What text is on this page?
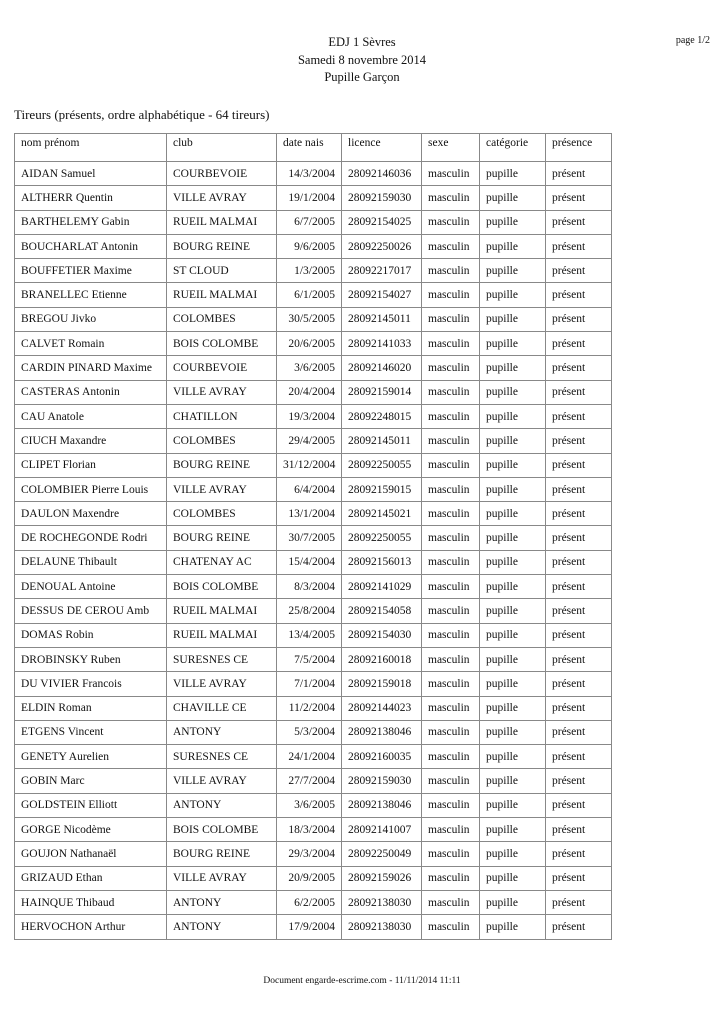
EDJ 1 Sèvres
Samedi 8 novembre 2014
Pupille Garçon
page 1/2
Tireurs (présents, ordre alphabétique - 64 tireurs)
nom prénom	club	date nais	licence	sexe	catégorie	présence
AIDAN Samuel	COURBEVOIE	14/3/2004	28092146036	masculin	pupille	présent
ALTHERR Quentin	VILLE AVRAY	19/1/2004	28092159030	masculin	pupille	présent
BARTHELEMY Gabin	RUEIL MALMAI	6/7/2005	28092154025	masculin	pupille	présent
BOUCHARLAT Antonin	BOURG REINE	9/6/2005	28092250026	masculin	pupille	présent
BOUFFETIER Maxime	ST CLOUD	1/3/2005	28092217017	masculin	pupille	présent
BRANELLEC Etienne	RUEIL MALMAI	6/1/2005	28092154027	masculin	pupille	présent
BREGOU Jivko	COLOMBES	30/5/2005	28092145011	masculin	pupille	présent
CALVET Romain	BOIS COLOMBE	20/6/2005	28092141033	masculin	pupille	présent
CARDIN PINARD Maxime	COURBEVOIE	3/6/2005	28092146020	masculin	pupille	présent
CASTERAS Antonin	VILLE AVRAY	20/4/2004	28092159014	masculin	pupille	présent
CAU Anatole	CHATILLON	19/3/2004	28092248015	masculin	pupille	présent
CIUCH Maxandre	COLOMBES	29/4/2005	28092145011	masculin	pupille	présent
CLIPET Florian	BOURG REINE	31/12/2004	28092250055	masculin	pupille	présent
COLOMBIER Pierre Louis	VILLE AVRAY	6/4/2004	28092159015	masculin	pupille	présent
DAULON Maxendre	COLOMBES	13/1/2004	28092145021	masculin	pupille	présent
DE ROCHEGONDE Rodri	BOURG REINE	30/7/2005	28092250055	masculin	pupille	présent
DELAUNE Thibault	CHATENAY AC	15/4/2004	28092156013	masculin	pupille	présent
DENOUAL Antoine	BOIS COLOMBE	8/3/2004	28092141029	masculin	pupille	présent
DESSUS DE CEROU Amb	RUEIL MALMAI	25/8/2004	28092154058	masculin	pupille	présent
DOMAS Robin	RUEIL MALMAI	13/4/2005	28092154030	masculin	pupille	présent
DROBINSKY Ruben	SURESNES CE	7/5/2004	28092160018	masculin	pupille	présent
DU VIVIER Francois	VILLE AVRAY	7/1/2004	28092159018	masculin	pupille	présent
ELDIN Roman	CHAVILLE CE	11/2/2004	28092144023	masculin	pupille	présent
ETGENS Vincent	ANTONY	5/3/2004	28092138046	masculin	pupille	présent
GENETY Aurelien	SURESNES CE	24/1/2004	28092160035	masculin	pupille	présent
GOBIN Marc	VILLE AVRAY	27/7/2004	28092159030	masculin	pupille	présent
GOLDSTEIN Elliott	ANTONY	3/6/2005	28092138046	masculin	pupille	présent
GORGE Nicodème	BOIS COLOMBE	18/3/2004	28092141007	masculin	pupille	présent
GOUJON Nathanaël	BOURG REINE	29/3/2004	28092250049	masculin	pupille	présent
GRIZAUD Ethan	VILLE AVRAY	20/9/2005	28092159026	masculin	pupille	présent
HAINQUE Thibaud	ANTONY	6/2/2005	28092138030	masculin	pupille	présent
HERVOCHON Arthur	ANTONY	17/9/2004	28092138030	masculin	pupille	présent
Document engarde-escrime.com - 11/11/2014 11:11
